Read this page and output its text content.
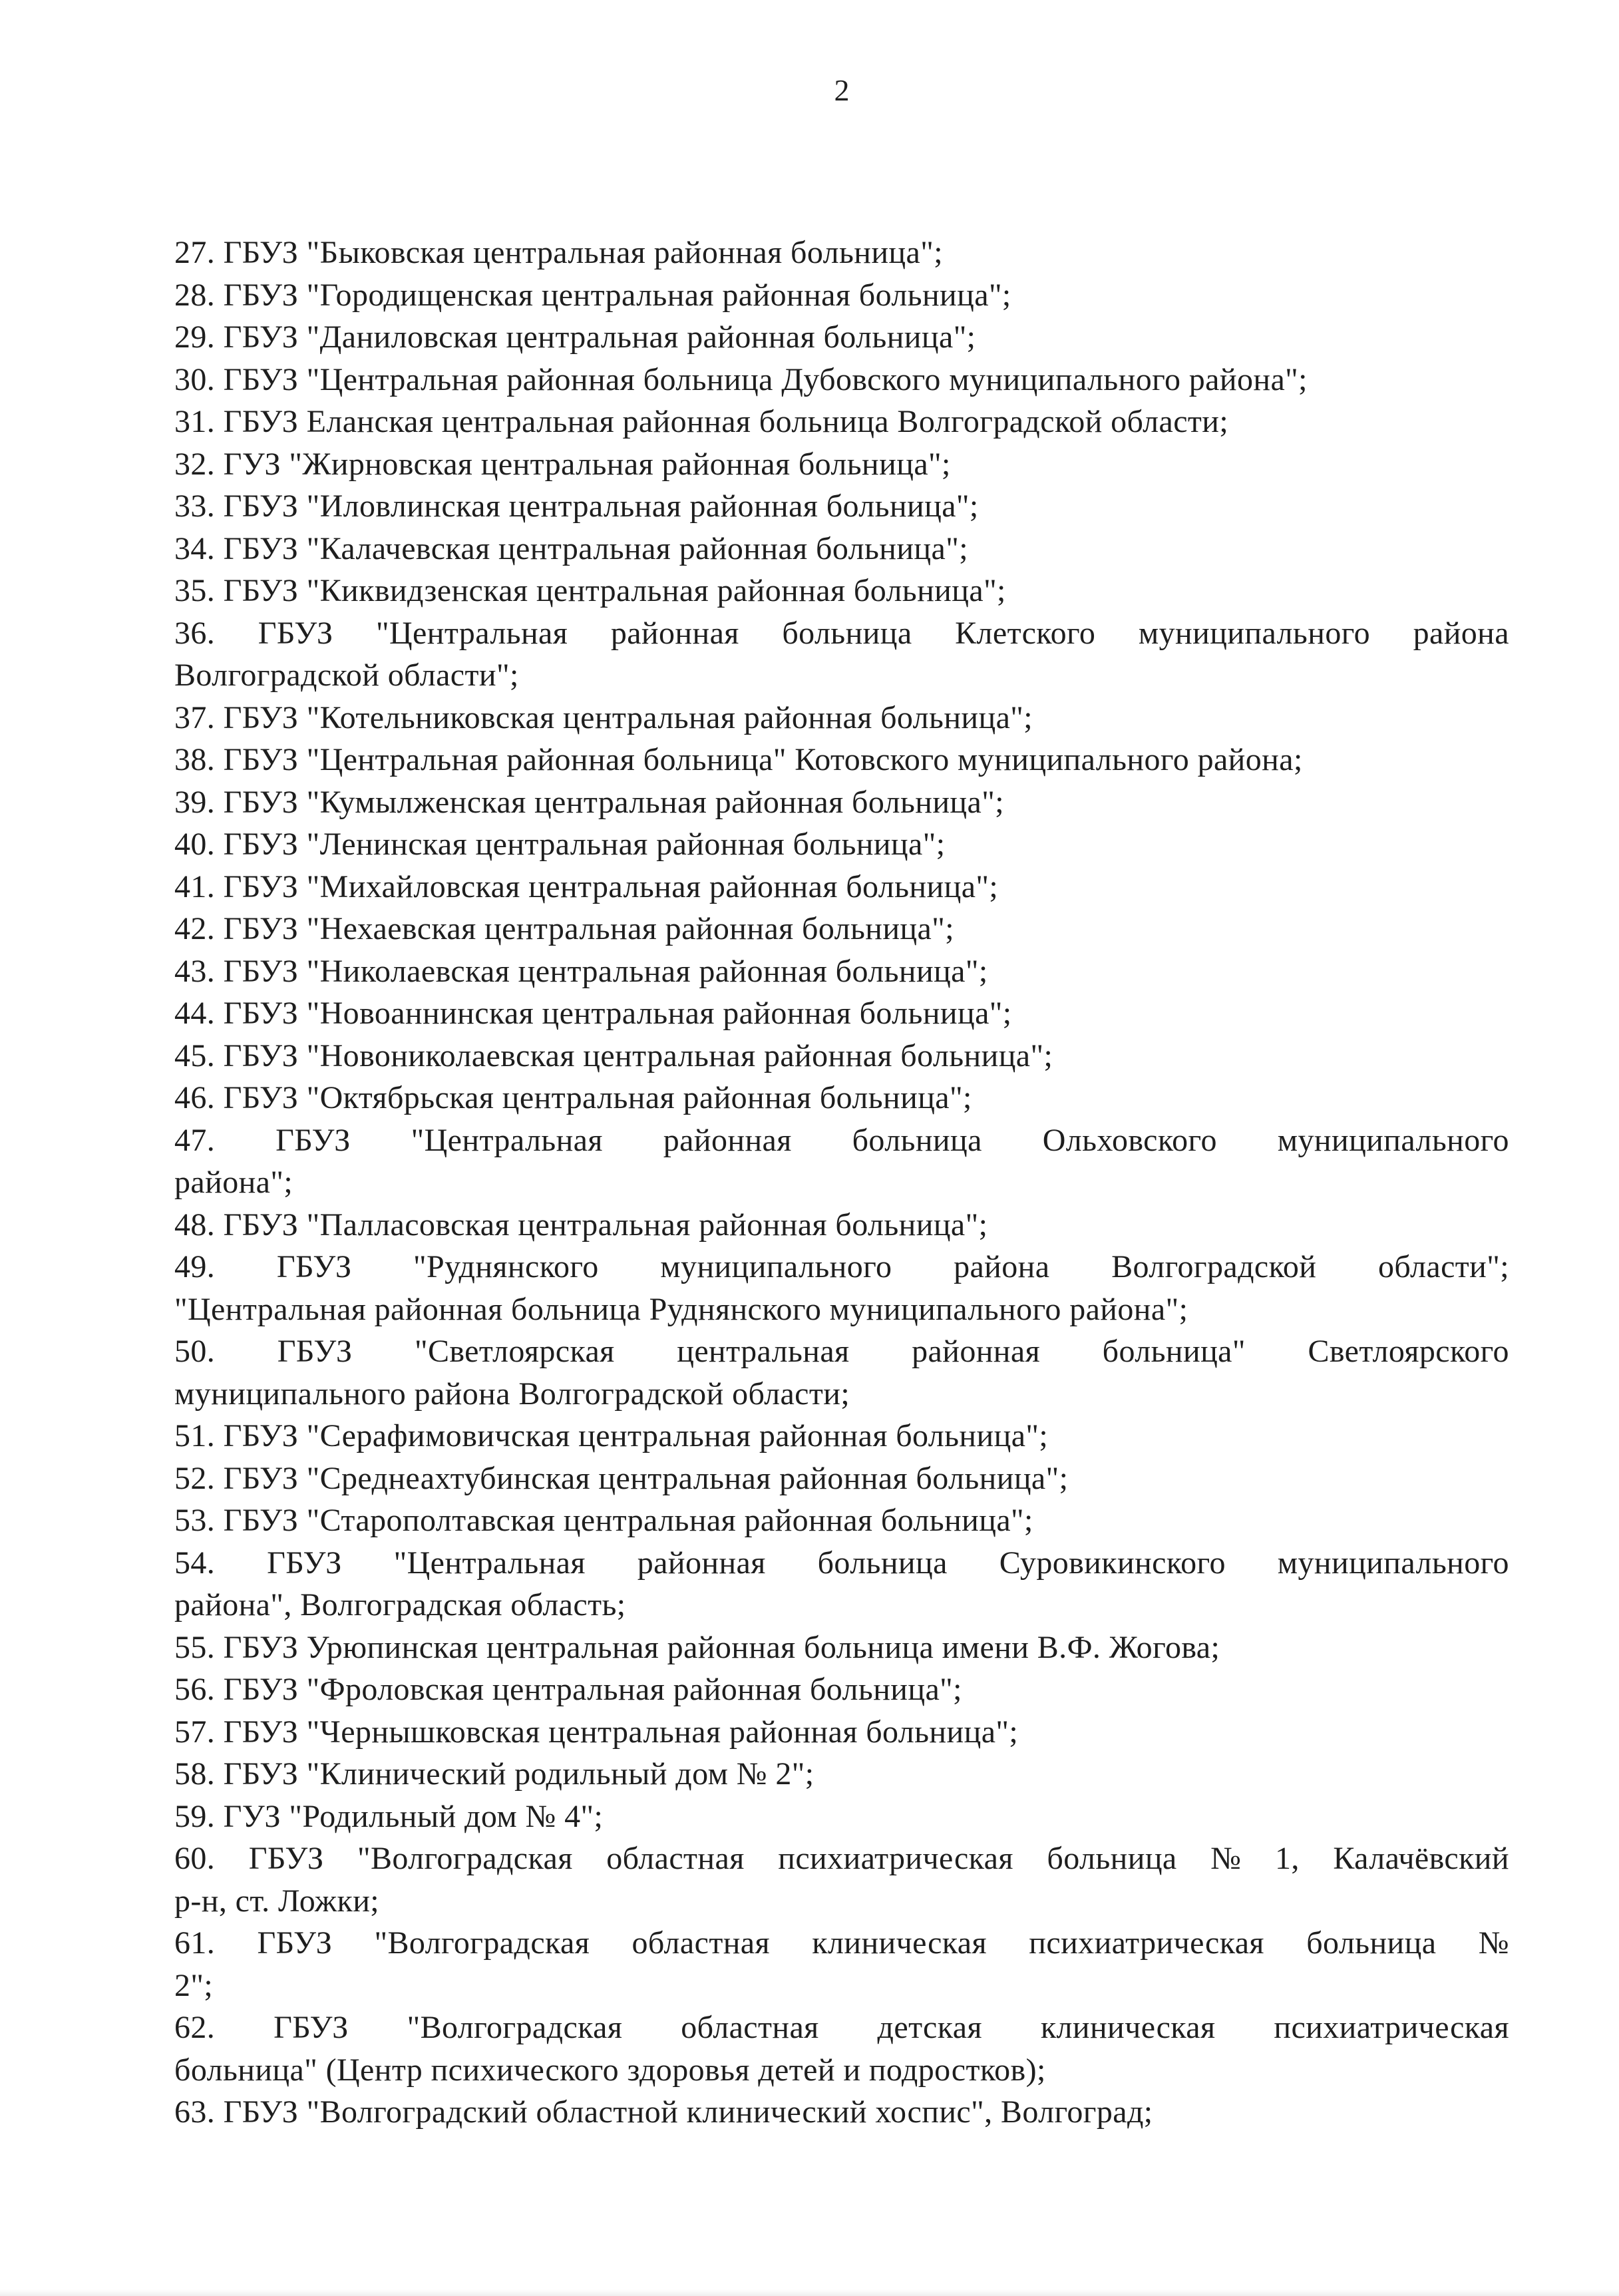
2
27. ГБУЗ "Быковская центральная районная больница";
28. ГБУЗ "Городищенская центральная районная больница";
29. ГБУЗ "Даниловская центральная районная больница";
30. ГБУЗ "Центральная районная больница Дубовского муниципального района";
31. ГБУЗ Еланская центральная районная больница Волгоградской области;
32. ГУЗ "Жирновская центральная районная больница";
33. ГБУЗ "Иловлинская центральная районная больница";
34. ГБУЗ "Калачевская центральная районная больница";
35. ГБУЗ "Киквидзенская центральная районная больница";
36. ГБУЗ "Центральная районная больница Клетского муниципального района
Волгоградской области";
37. ГБУЗ "Котельниковская центральная районная больница";
38. ГБУЗ "Центральная районная больница" Котовского муниципального района;
39. ГБУЗ "Кумылженская центральная районная больница";
40. ГБУЗ "Ленинская центральная районная больница";
41. ГБУЗ "Михайловская центральная районная больница";
42. ГБУЗ "Нехаевская центральная районная больница";
43. ГБУЗ "Николаевская центральная районная больница";
44. ГБУЗ "Новоаннинская центральная районная больница";
45. ГБУЗ "Новониколаевская центральная районная больница";
46. ГБУЗ "Октябрьская центральная районная больница";
47. ГБУЗ "Центральная районная больница Ольховского муниципального
района";
48. ГБУЗ "Палласовская центральная районная больница";
49. ГБУЗ "Руднянского муниципального района Волгоградской области";
"Центральная районная больница Руднянского муниципального района";
50. ГБУЗ "Светлоярская центральная районная больница" Светлоярского
муниципального района Волгоградской области;
51. ГБУЗ "Серафимовичская центральная районная больница";
52. ГБУЗ "Среднеахтубинская центральная районная больница";
53. ГБУЗ "Старополтавская центральная районная больница";
54. ГБУЗ "Центральная районная больница Суровикинского муниципального
района", Волгоградская область;
55. ГБУЗ Урюпинская центральная районная больница имени В.Ф. Жогова;
56. ГБУЗ "Фроловская центральная районная больница";
57. ГБУЗ "Чернышковская центральная районная больница";
58. ГБУЗ "Клинический родильный дом № 2";
59. ГУЗ "Родильный дом № 4";
60. ГБУЗ "Волгоградская областная психиатрическая больница № 1, Калачёвский
р-н, ст. Ложки;
61. ГБУЗ "Волгоградская областная клиническая психиатрическая больница №
2";
62. ГБУЗ "Волгоградская областная детская клиническая психиатрическая
больница" (Центр психического здоровья детей и подростков);
63. ГБУЗ "Волгоградский областной клинический хоспис", Волгоград;
